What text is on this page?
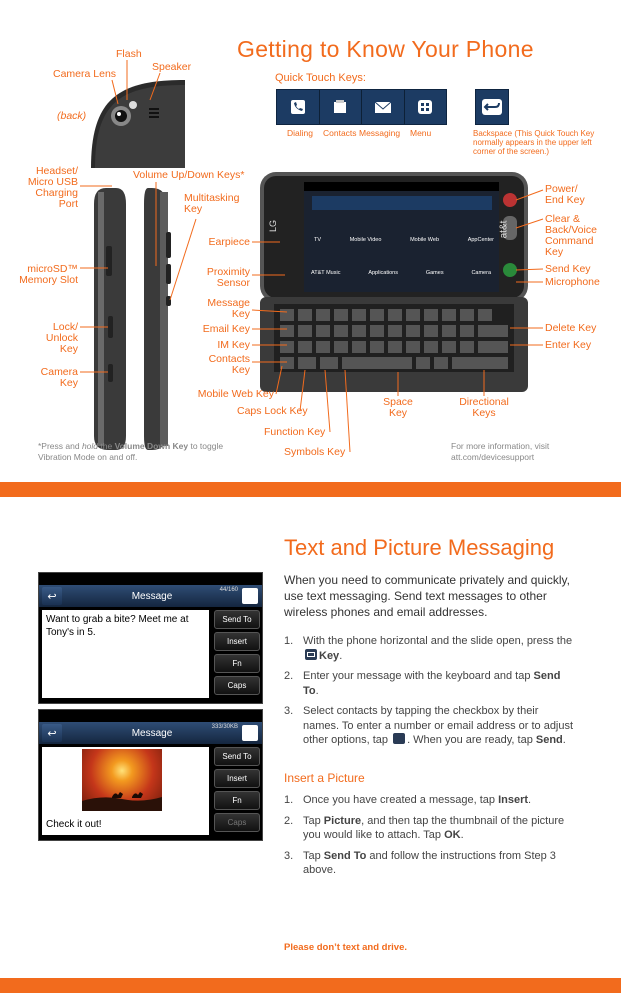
Getting to Know Your Phone
Flash
Speaker
Camera Lens
(back)
Quick Touch Keys:
Dialing Contacts Messaging Menu	Backspace (This Quick Touch Key normally appears in the upper left corner of the screen.)
LG	at&t
TV	Mobile Video	Mobile Web	AppCenter
AT&T Music	Applications	Games	Camera
Headset/ Micro USB Charging Port
microSD™ Memory Slot
Lock/ Unlock Key
Camera Key
Volume Up/Down Keys*
Multitasking Key
Earpiece
Proximity Sensor
Message Key
Email Key
IM Key
Contacts Key
Mobile Web Key
Caps Lock Key
Function Key
Symbols Key
Space Key
Directional Keys
Power/ End Key
Clear & Back/Voice Command Key
Send Key
Microphone
Delete Key
Enter Key
*Press and hold the Volume Down Key to toggle Vibration Mode on and off.
For more information, visit att.com/devicesupport
Text and Picture Messaging
When you need to communicate privately and quickly, use text messaging. Send text messages to other wireless phones and email addresses.
1. With the phone horizontal and the slide open, press the
Key.
2. Enter your message with the keyboard and tap Send To.
3. Select contacts by tapping the checkbox by their names. To enter a number or email address or to adjust other options, tap . When you are ready, tap Send.
Insert a Picture
1. Once you have created a message, tap Insert.
2. Tap Picture, and then tap the thumbnail of the picture you would like to attach. Tap OK.
3. Tap Send To and follow the instructions from Step 3 above.
Please don’t text and drive.
↩	Message
44/160
Want to grab a bite? Meet me at Tony's in 5.
Send To
Insert
Fn
Caps
↩	Message
333/30KB
Check it out!
Send To
Insert
Fn
Caps
